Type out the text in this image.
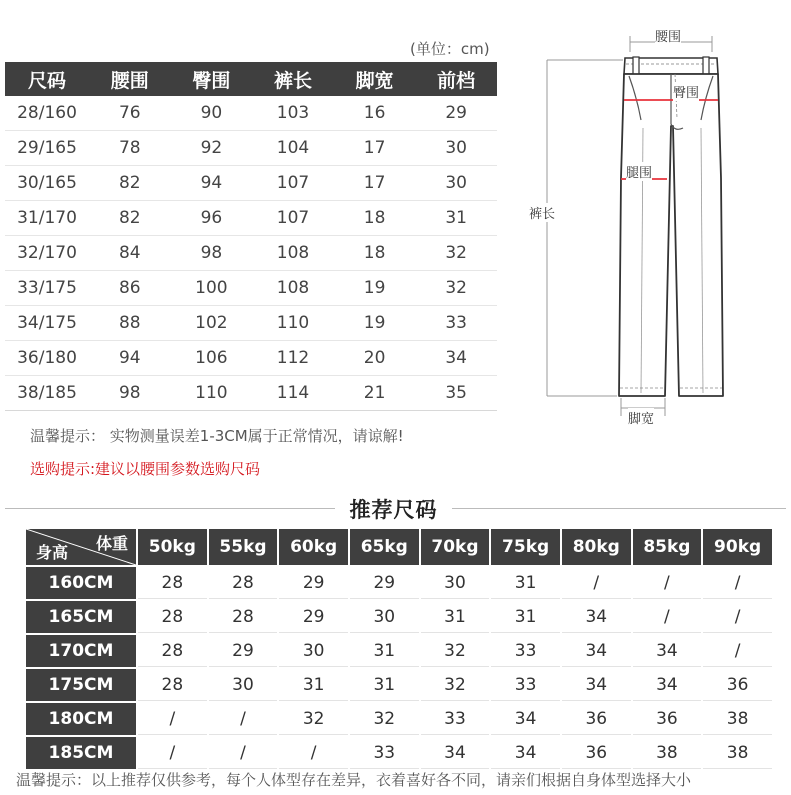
(单位：cm)
尺码	腰围	臀围	裤长	脚宽	前档
28/160	76	90	103	16	29
29/165	78	92	104	17	30
30/165	82	94	107	17	30
31/170	82	96	107	18	31
32/170	84	98	108	18	32
33/175	86	100	108	19	32
34/175	88	102	110	19	33
36/180	94	106	112	20	34
38/185	98	110	114	21	35
腰围
臀围
腿围
裤长
脚宽
温馨提示： 实物测量误差1-3CM属于正常情况，请谅解!
选购提示:建议以腰围参数选购尺码
推荐尺码
体重
身高	50kg	55kg	60kg	65kg	70kg	75kg	80kg	85kg	90kg
160CM	28	28	29	29	30	31	/	/	/
165CM	28	28	29	30	31	31	34	/	/
170CM	28	29	30	31	32	33	34	34	/
175CM	28	30	31	31	32	33	34	34	36
180CM	/	/	32	32	33	34	36	36	38
185CM	/	/	/	33	34	34	36	38	38
温馨提示：以上推荐仅供参考，每个人体型存在差异，衣着喜好各不同，请亲们根据自身体型选择大小
